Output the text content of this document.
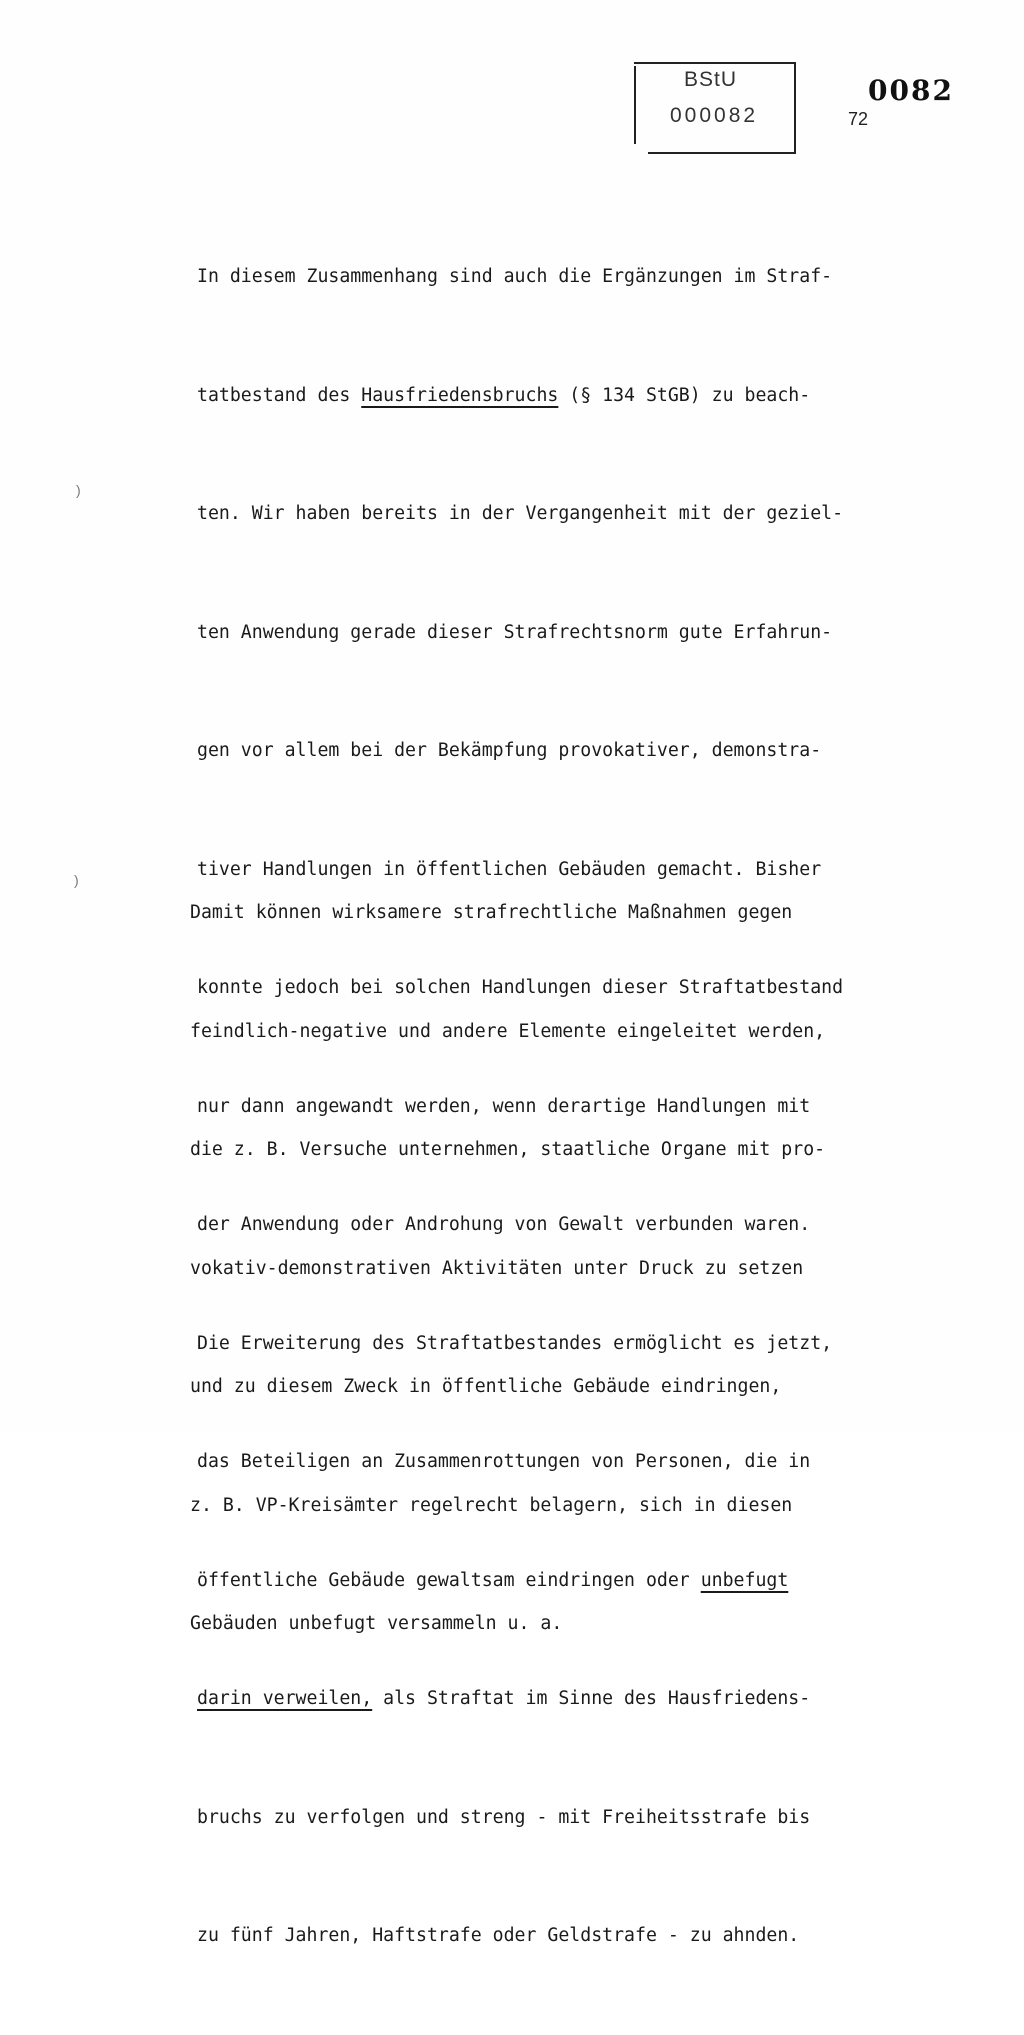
BStU
000082
0082
72

In diesem Zusammenhang sind auch die Ergänzungen im Straf-

tatbestand des Hausfriedensbruchs (§ 134 StGB) zu beach-

ten. Wir haben bereits in der Vergangenheit mit der geziel-

ten Anwendung gerade dieser Strafrechtsnorm gute Erfahrun-

gen vor allem bei der Bekämpfung provokativer, demonstra-

tiver Handlungen in öffentlichen Gebäuden gemacht. Bisher

konnte jedoch bei solchen Handlungen dieser Straftatbestand

nur dann angewandt werden, wenn derartige Handlungen mit

der Anwendung oder Androhung von Gewalt verbunden waren.

Die Erweiterung des Straftatbestandes ermöglicht es jetzt,

das Beteiligen an Zusammenrottungen von Personen, die in

öffentliche Gebäude gewaltsam eindringen oder unbefugt

darin verweilen, als Straftat im Sinne des Hausfriedens-

bruchs zu verfolgen und streng - mit Freiheitsstrafe bis

zu fünf Jahren, Haftstrafe oder Geldstrafe - zu ahnden.

Damit können wirksamere strafrechtliche Maßnahmen gegen

feindlich-negative und andere Elemente eingeleitet werden,

die z. B. Versuche unternehmen, staatliche Organe mit pro-

vokativ-demonstrativen Aktivitäten unter Druck zu setzen

und zu diesem Zweck in öffentliche Gebäude eindringen,

z. B. VP-Kreisämter regelrecht belagern, sich in diesen

Gebäuden unbefugt versammeln u. a.

)
)
